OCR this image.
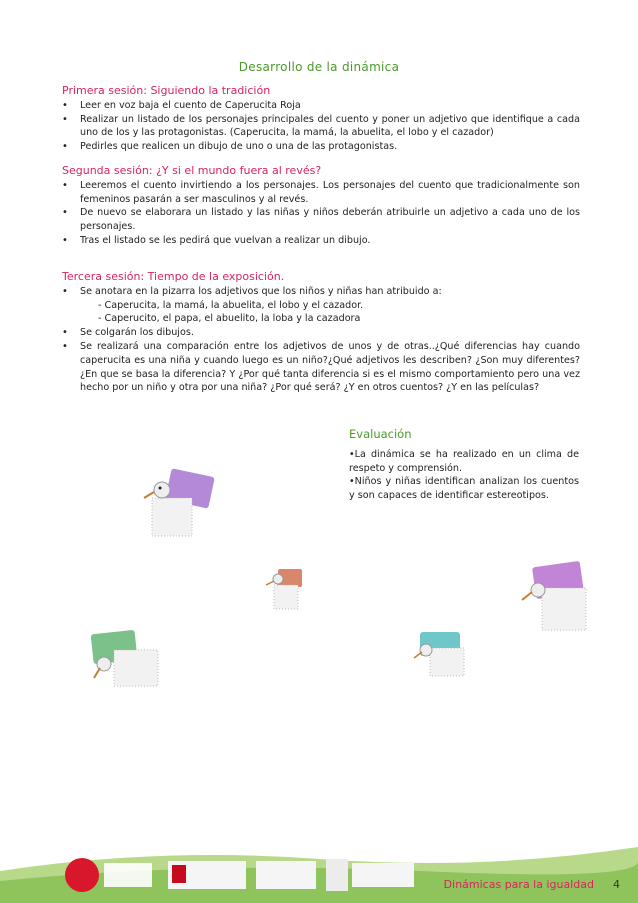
Desarrollo de la dinámica
Primera sesión: Siguiendo la tradición
• Leer en voz baja el cuento de Caperucita Roja
• Realizar un listado de los personajes principales del cuento y poner un adjetivo que identifique a cada uno de los y las protagonistas. (Caperucita, la mamá, la abuelita, el lobo y el cazador)
• Pedirles que realicen un dibujo de uno o una de las protagonistas.
Segunda sesión: ¿Y si el mundo fuera al revés?
• Leeremos el cuento invirtiendo a los personajes. Los personajes del cuento que tradicionalmente son femeninos pasarán a ser masculinos y al revés.
• De nuevo se elaborara un listado y las niñas y niños deberán atribuirle un adjetivo a cada uno de los personajes.
• Tras el listado se les pedirá que vuelvan a realizar un dibujo.
Tercera sesión: Tiempo de la exposición.
• Se anotara en la pizarra los adjetivos que los niños y niñas han atribuido a:
- Caperucita, la mamá, la abuelita, el lobo y el cazador.
- Caperucito, el papa, el abuelito, la loba y la cazadora
• Se colgarán los dibujos.
• Se realizará una comparación entre los adjetivos de unos y de otras..¿Qué diferencias hay cuando caperucita es una niña y cuando luego es un niño?¿Qué adjetivos les describen? ¿Son muy diferentes? ¿En que se basa la diferencia? Y ¿Por qué tanta diferencia si es el mismo comportamiento pero una vez hecho por un niño y otra por una niña? ¿Por qué será? ¿Y en otros cuentos? ¿Y en las películas?
Evaluación

•La dinámica se ha realizado en un clima de respeto y comprensión.

•Niños y niñas identifican analizan los cuentos y son capaces de identificar estereotipos.

Dinámicas para la igualdad 4
